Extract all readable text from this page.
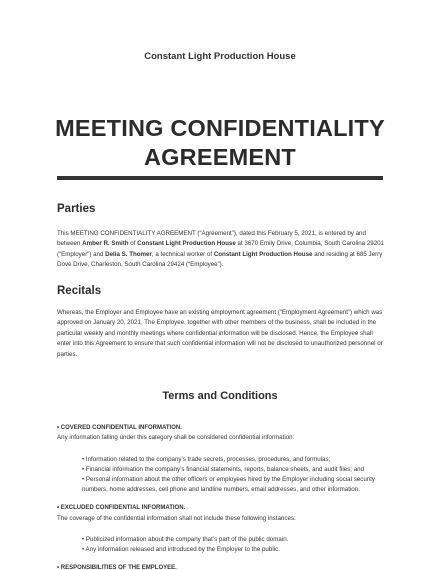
Constant Light Production House
MEETING CONFIDENTIALITY
AGREEMENT
Parties
This MEETING CONFIDENTIALITY AGREEMENT (“Agreement”), dated this February 5, 2021, is entered by and between Amber R. Smith of Constant Light Production House at 3670 Emily Drive, Columbia, South Carolina 29201 (“Employer”) and Delia S. Thomer, a technical worker of Constant Light Production House and residing at 685 Jerry Dove Drive, Charleston, South Carolina 29424 (“Employee”).
Recitals
Whereas, the Employer and Employee have an existing employment agreement (“Employment Agreement”) which was approved on January 20, 2021. The Employee, together with other members of the business, shall be included in the particular weekly and monthly meetings where confidential information will be disclosed. Hence, the Employee shall enter into this Agreement to ensure that such confidential information will not be disclosed to unauthorized personnel or parties.
Terms and Conditions
• COVERED CONFIDENTIAL INFORMATION.
Any information falling under this category shall be considered confidential information:
• Information related to the company’s trade secrets, processes, procedures, and formulas;
• Financial information the company’s financial statements, reports, balance sheets, and audit files; and
• Personal information about the other officers or employees hired by the Employer including social security numbers, home addresses, cell phone and landline numbers, email addresses, and other information.
• EXCLUDED CONFIDENTIAL INFORMATION.
The coverage of the confidential information shall not include these following instances:
• Publicized information about the company that’s part of the public domain.
• Any information released and introduced by the Employer to the public.
• RESPONSIBILITIES OF THE EMPLOYEE.
